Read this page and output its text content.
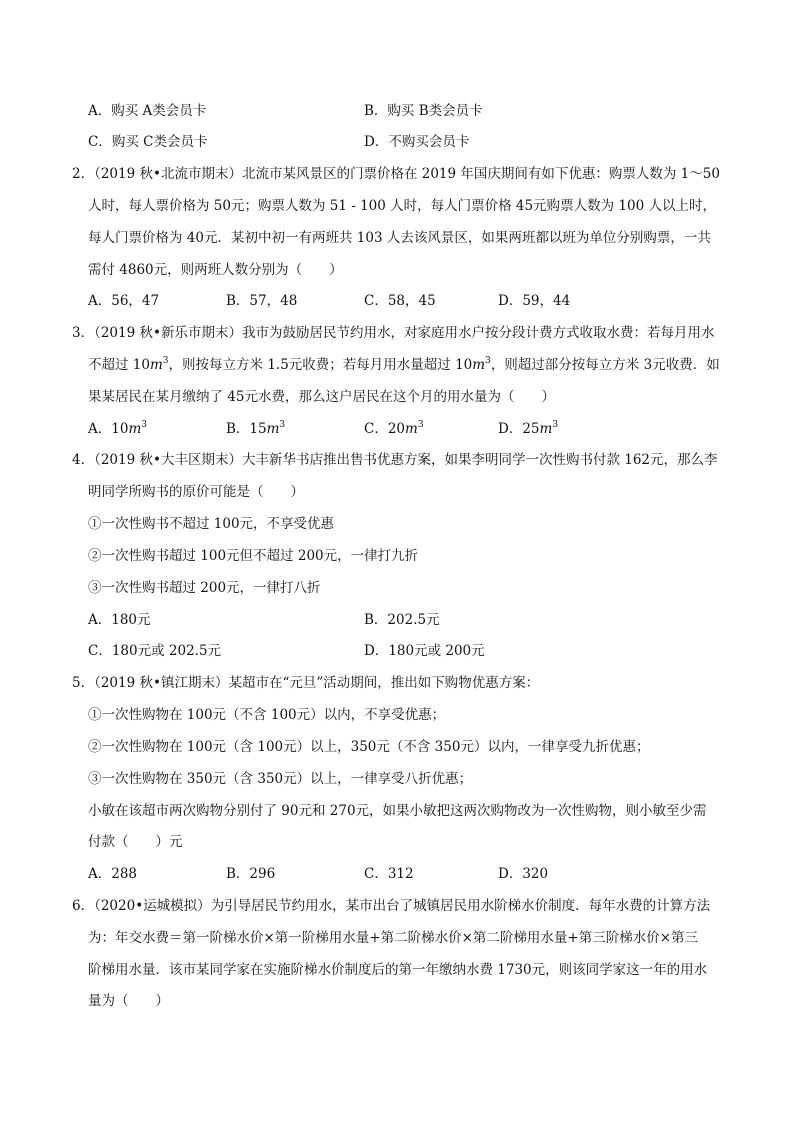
A．购买 A类会员卡	B．购买 B类会员卡
C．购买 C类会员卡	D．不购买会员卡
2．（2019 秋•北流市期末）北流市某风景区的门票价格在 2019 年国庆期间有如下优惠：购票人数为 1～50
人时，每人票价格为 50元；购票人数为 51 - 100 人时，每人门票价格 45元购票人数为 100 人以上时，
每人门票价格为 40元．某初中初一有两班共 103 人去该风景区，如果两班都以班为单位分别购票，一共
需付 4860元，则两班人数分别为（　　）
A．56，47	B．57，48	C．58，45	D．59，44
3．（2019 秋•新乐市期末）我市为鼓励居民节约用水，对家庭用水户按分段计费方式收取水费：若每月用水
不超过 $10m^3$，则按每立方米 1.5元收费；若每月用水量超过 $10m^3$，则超过部分按每立方米 3元收费．如
果某居民在某月缴纳了 45元水费，那么这户居民在这个月的用水量为（　　）
A．$10m^3$	B．$15m^3$	C．$20m^3$	D．$25m^3$
4．（2019 秋•大丰区期末）大丰新华书店推出售书优惠方案，如果李明同学一次性购书付款 162元，那么李
明同学所购书的原价可能是（　　）
①一次性购书不超过 100元，不享受优惠
②一次性购书超过 100元但不超过 200元，一律打九折
③一次性购书超过 200元，一律打八折
A．180元	B．202.5元
C．180元或 202.5元	D．180元或 200元
5．（2019 秋•镇江期末）某超市在“元旦”活动期间，推出如下购物优惠方案：
①一次性购物在 100元（不含 100元）以内，不享受优惠；
②一次性购物在 100元（含 100元）以上，350元（不含 350元）以内，一律享受九折优惠；
③一次性购物在 350元（含 350元）以上，一律享受八折优惠；
小敏在该超市两次购物分别付了 90元和 270元，如果小敏把这两次购物改为一次性购物，则小敏至少需
付款（　　）元
A．288	B．296	C．312	D．320
6．（2020•运城模拟）为引导居民节约用水，某市出台了城镇居民用水阶梯水价制度．每年水费的计算方法
为：年交水费＝第一阶梯水价×第一阶梯用水量+第二阶梯水价×第二阶梯用水量+第三阶梯水价×第三
阶梯用水量．该市某同学家在实施阶梯水价制度后的第一年缴纳水费 1730元，则该同学家这一年的用水
量为（　　）
